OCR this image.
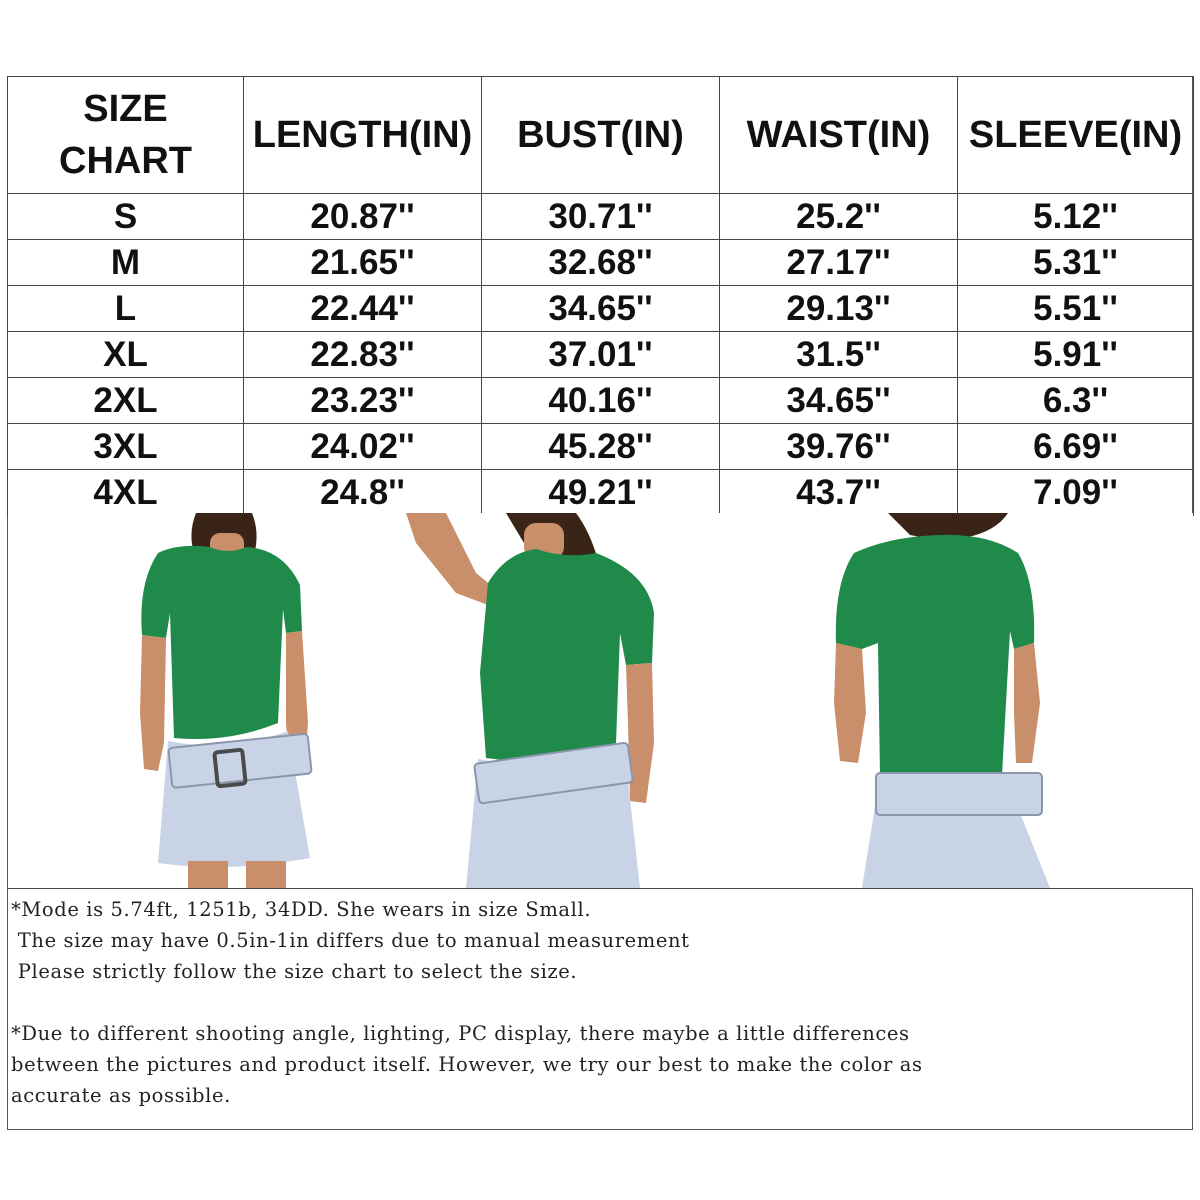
SIZE
CHART	LENGTH(IN)	BUST(IN)	WAIST(IN)	SLEEVE(IN)
S	20.87''	30.71''	25.2''	5.12''
M	21.65''	32.68''	27.17''	5.31''
L	22.44''	34.65''	29.13''	5.51''
XL	22.83''	37.01''	31.5''	5.91''
2XL	23.23''	40.16''	34.65''	6.3''
3XL	24.02''	45.28''	39.76''	6.69''
4XL	24.8''	49.21''	43.7''	7.09''

*Mode is 5.74ft, 1251b, 34DD. She wears in size Small.

The size may have 0.5in-1in differs due to manual measurement

Please strictly follow the size chart to select the size.

*Due to different shooting angle, lighting, PC display, there maybe a little differences

between the pictures and product itself. However, we try our best to make the color as

accurate as possible.
